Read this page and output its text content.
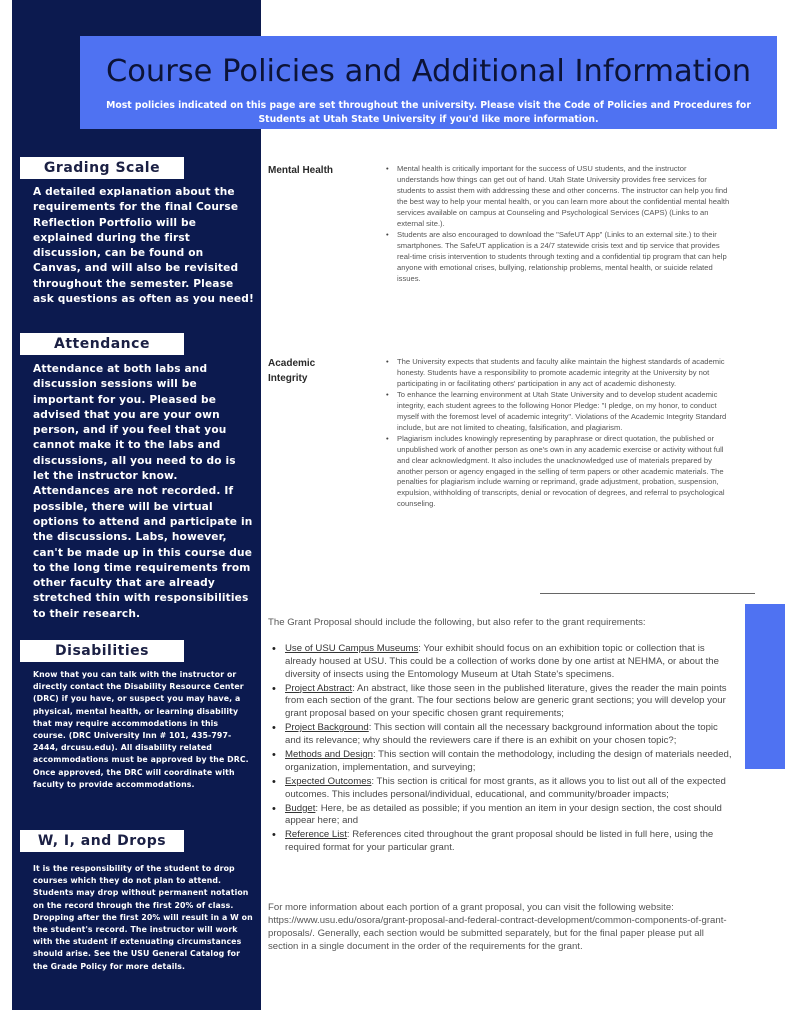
Course Policies and Additional Information

Most policies indicated on this page are set throughout the university. Please visit the Code of Policies and Procedures for Students at Utah State University if you'd like more information.

Grading Scale
A detailed explanation about the requirements for the final Course Reflection Portfolio will be explained during the first discussion, can be found on Canvas, and will also be revisited throughout the semester. Please ask questions as often as you need!
Attendance
Attendance at both labs and discussion sessions will be important for you. Pleased be advised that you are your own person, and if you feel that you cannot make it to the labs and discussions, all you need to do is let the instructor know. Attendances are not recorded. If possible, there will be virtual options to attend and participate in the discussions. Labs, however, can't be made up in this course due to the long time requirements from other faculty that are already stretched thin with responsibilities to their research.
Disabilities
Know that you can talk with the instructor or directly contact the Disability Resource Center (DRC) if you have, or suspect you may have, a physical, mental health, or learning disability that may require accommodations in this course. (DRC University Inn # 101, 435-797-2444, drcusu.edu). All disability related accommodations must be approved by the DRC. Once approved, the DRC will coordinate with faculty to provide accommodations.
W, I, and Drops
It is the responsibility of the student to drop courses which they do not plan to attend. Students may drop without permanent notation on the record through the first 20% of class. Dropping after the first 20% will result in a W on the student's record. The instructor will work with the student if extenuating circumstances should arise. See the USU General Catalog for the Grade Policy for more details.
Mental Health
•	Mental health is critically important for the success of USU students, and the instructor understands how things can get out of hand. Utah State University provides free services for students to assist them with addressing these and other concerns. The instructor can help you find the best way to help your mental health, or you can learn more about the confidential mental health services available on campus at Counseling and Psychological Services (CAPS) (Links to an external site.).
• Students are also encouraged to download the "SafeUT App" (Links to an external site.) to their smartphones. The SafeUT application is a 24/7 statewide crisis text and tip service that provides real-time crisis intervention to students through texting and a confidential tip program that can help anyone with emotional crises, bullying, relationship problems, mental health, or suicide related issues.
Academic Integrity
• The University expects that students and faculty alike maintain the highest standards of academic honesty. Students have a responsibility to promote academic integrity at the University by not participating in or facilitating others' participation in any act of academic dishonesty.
• To enhance the learning environment at Utah State University and to develop student academic integrity, each student agrees to the following Honor Pledge: "I pledge, on my honor, to conduct myself with the foremost level of academic integrity". Violations of the Academic Integrity Standard include, but are not limited to cheating, falsification, and plagiarism.
• Plagiarism includes knowingly representing by paraphrase or direct quotation, the published or unpublished work of another person as one's own in any academic exercise or activity without full and clear acknowledgment. It also includes the unacknowledged use of materials prepared by another person or agency engaged in the selling of term papers or other academic materials. The penalties for plagiarism include warning or reprimand, grade adjustment, probation, suspension, expulsion, withholding of transcripts, denial or revocation of degrees, and referral to psychological counseling.
The Grant Proposal should include the following, but also refer to the grant requirements:
• Use of USU Campus Museums: Your exhibit should focus on an exhibition topic or collection that is already housed at USU. This could be a collection of works done by one artist at NEHMA, or about the diversity of insects using the Entomology Museum at Utah State's specimens.
• Project Abstract: An abstract, like those seen in the published literature, gives the reader the main points from each section of the grant. The four sections below are generic grant sections; you will develop your grant proposal based on your specific chosen grant requirements;
• Project Background: This section will contain all the necessary background information about the topic and its relevance; why should the reviewers care if there is an exhibit on your chosen topic?;
• Methods and Design: This section will contain the methodology, including the design of materials needed, organization, implementation, and surveying;
• Expected Outcomes: This section is critical for most grants, as it allows you to list out all of the expected outcomes. This includes personal/individual, educational, and community/broader impacts;
• Budget: Here, be as detailed as possible; if you mention an item in your design section, the cost should appear here; and
• Reference List: References cited throughout the grant proposal should be listed in full here, using the required format for your particular grant.
For more information about each portion of a grant proposal, you can visit the following website: https://www.usu.edu/osora/grant-proposal-and-federal-contract-development/common-components-of-grant-proposals/. Generally, each section would be submitted separately, but for the final paper please put all section in a single document in the order of the requirements for the grant.
